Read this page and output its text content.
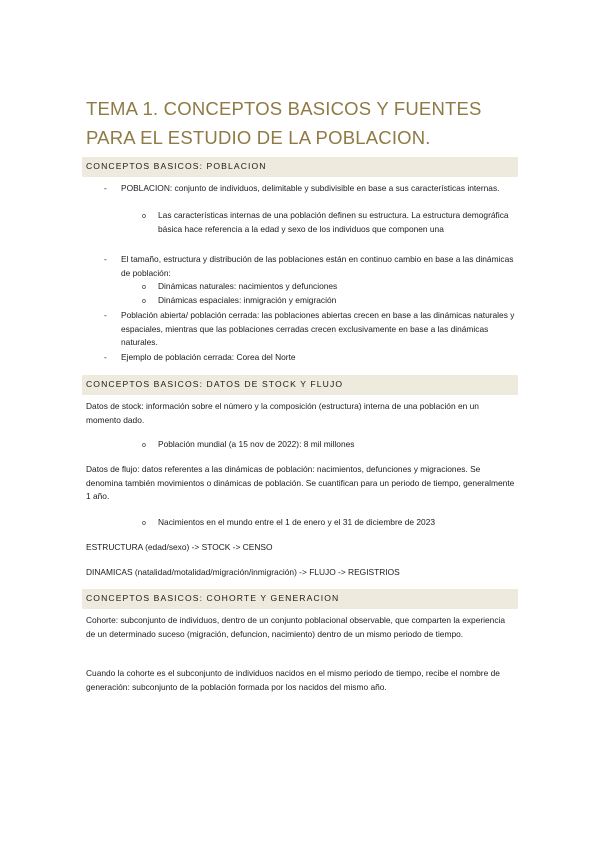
TEMA 1. CONCEPTOS BASICOS Y FUENTES PARA EL ESTUDIO DE LA POBLACION.
CONCEPTOS BASICOS: POBLACION
- POBLACION: conjunto de individuos, delimitable y subdivisible en base a sus características internas.
o Las características internas de una población definen su estructura. La estructura demográfica básica hace referencia a la edad y sexo de los individuos que componen una
- El tamaño, estructura y distribución de las poblaciones están en continuo cambio en base a las dinámicas de población:
o Dinámicas naturales: nacimientos y defunciones
o Dinámicas espaciales: inmigración y emigración
- Población abierta/ población cerrada: las poblaciones abiertas crecen en base a las dinámicas naturales y espaciales, mientras que las poblaciones cerradas crecen exclusivamente en base a las dinámicas naturales.
- Ejemplo de población cerrada: Corea del Norte
CONCEPTOS BASICOS: DATOS DE STOCK Y FLUJO
Datos de stock: información sobre el número y la composición (estructura) interna de una población en un momento dado.
o Población mundial (a 15 nov de 2022): 8 mil millones
Datos de flujo: datos referentes a las dinámicas de población: nacimientos, defunciones y migraciones. Se denomina también movimientos o dinámicas de población. Se cuantifican para un periodo de tiempo, generalmente 1 año.
o Nacimientos en el mundo entre el 1 de enero y el 31 de diciembre de 2023
ESTRUCTURA (edad/sexo) -> STOCK -> CENSO
DINAMICAS (natalidad/motalidad/migración/inmigración) -> FLUJO -> REGISTRIOS
CONCEPTOS BASICOS: COHORTE Y GENERACION
Cohorte: subconjunto de individuos, dentro de un conjunto poblacional observable, que comparten la experiencia de un determinado suceso (migración, defuncion, nacimiento) dentro de un mismo periodo de tiempo.
Cuando la cohorte es el subconjunto de individuos nacidos en el mismo periodo de tiempo, recibe el nombre de generación: subconjunto de la población formada por los nacidos del mismo año.
